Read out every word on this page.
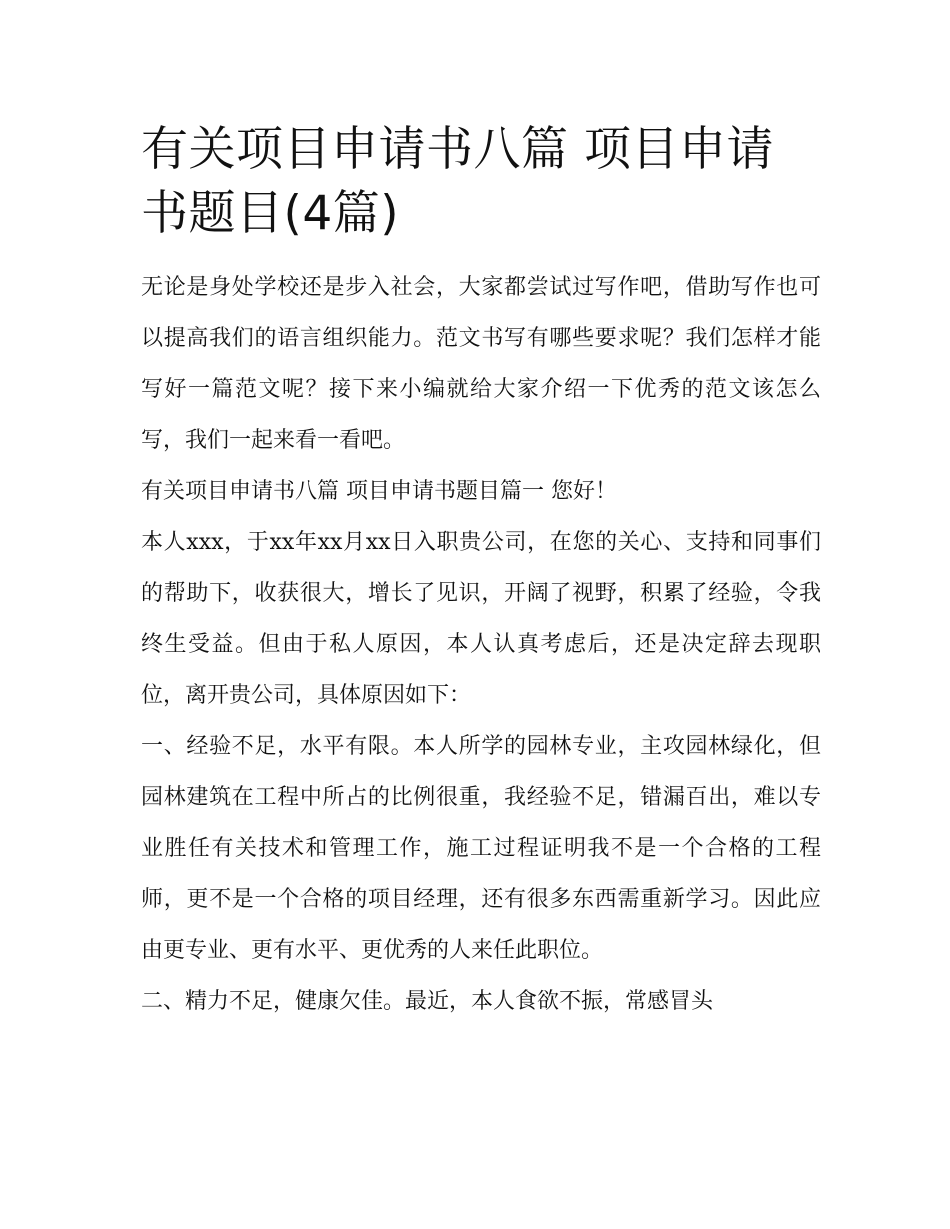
有关项目申请书八篇 项目申请书题目(4篇)

无论是身处学校还是步入社会，大家都尝试过写作吧，借助写作也可以提高我们的语言组织能力。范文书写有哪些要求呢？我们怎样才能写好一篇范文呢？接下来小编就给大家介绍一下优秀的范文该怎么写，我们一起来看一看吧。

有关项目申请书八篇 项目申请书题目篇一 您好！

本人xxx，于xx年xx月xx日入职贵公司，在您的关心、支持和同事们的帮助下，收获很大，增长了见识，开阔了视野，积累了经验，令我终生受益。但由于私人原因，本人认真考虑后，还是决定辞去现职位，离开贵公司，具体原因如下：

一、经验不足，水平有限。本人所学的园林专业，主攻园林绿化，但园林建筑在工程中所占的比例很重，我经验不足，错漏百出，难以专业胜任有关技术和管理工作，施工过程证明我不是一个合格的工程师，更不是一个合格的项目经理，还有很多东西需重新学习。因此应由更专业、更有水平、更优秀的人来任此职位。

二、精力不足，健康欠佳。最近，本人食欲不振，常感冒头
